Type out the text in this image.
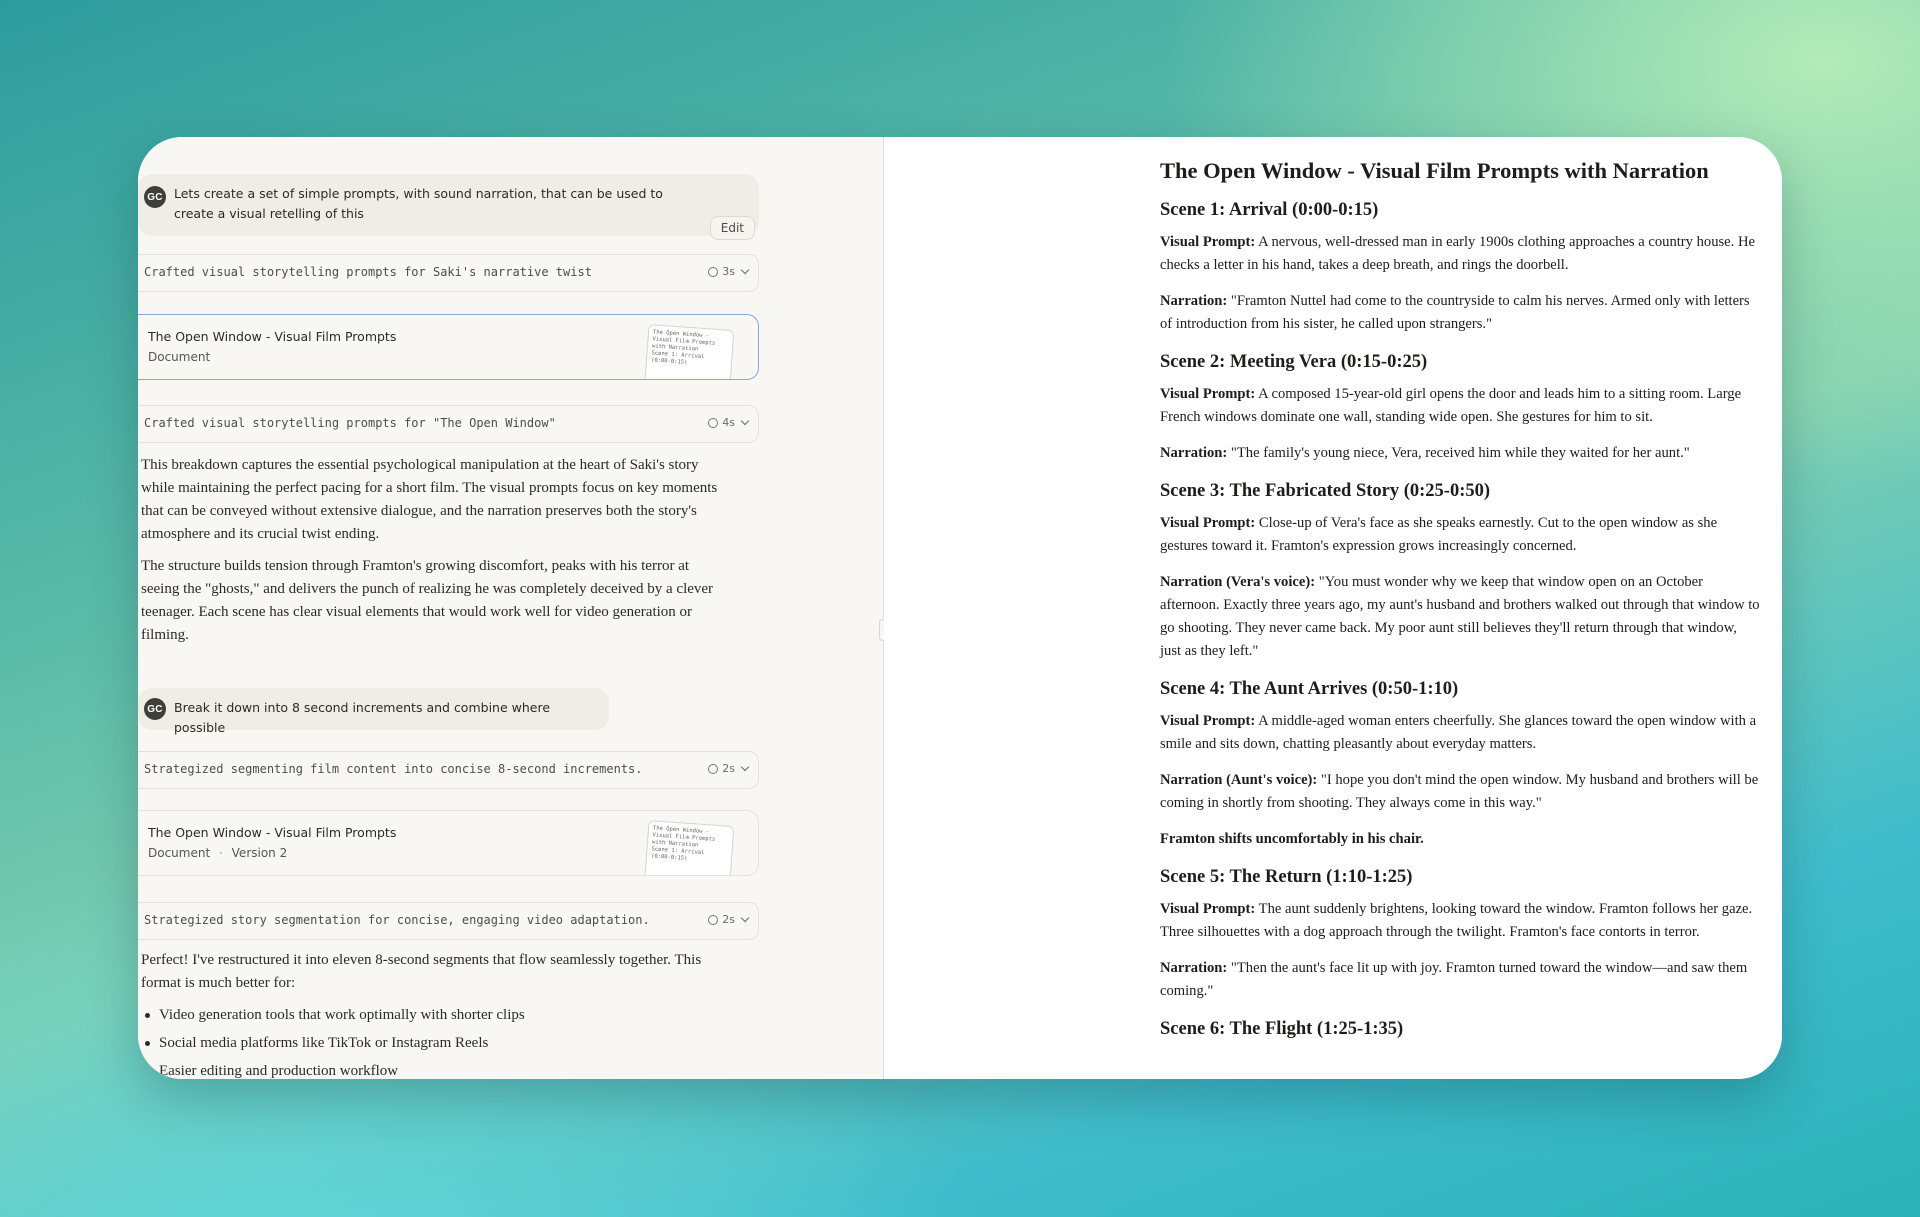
GC Lets create a set of simple prompts, with sound narration, that can be used to create a visual retelling of this
Edit
Crafted visual storytelling prompts for Saki's narrative twist	3s
The Open Window - Visual Film Prompts
Document
The Open Window - Visual Film Prompts with Narration
Scene 1: Arrival (0:00-0:15)
Crafted visual storytelling prompts for "The Open Window"	4s

This breakdown captures the essential psychological manipulation at the heart of Saki's story while maintaining the perfect pacing for a short film. The visual prompts focus on key moments that can be conveyed without extensive dialogue, and the narration preserves both the story's atmosphere and its crucial twist ending.

The structure builds tension through Framton's growing discomfort, peaks with his terror at seeing the "ghosts," and delivers the punch of realizing he was completely deceived by a clever teenager. Each scene has clear visual elements that would work well for video generation or filming.

GC Break it down into 8 second increments and combine where possible
Strategized segmenting film content into concise 8-second increments.	2s
The Open Window - Visual Film Prompts
Document · Version 2
The Open Window - Visual Film Prompts with Narration
Scene 1: Arrival (0:00-0:15)
Strategized story segmentation for concise, engaging video adaptation.	2s

Perfect! I've restructured it into eleven 8-second segments that flow seamlessly together. This format is much better for:

Video generation tools that work optimally with shorter clips
Social media platforms like TikTok or Instagram Reels
Easier editing and production workflow
The Open Window - Visual Film Prompts with Narration
Scene 1: Arrival (0:00-0:15)

Visual Prompt: A nervous, well-dressed man in early 1900s clothing approaches a country house. He checks a letter in his hand, takes a deep breath, and rings the doorbell.

Narration: "Framton Nuttel had come to the countryside to calm his nerves. Armed only with letters of introduction from his sister, he called upon strangers."

Scene 2: Meeting Vera (0:15-0:25)

Visual Prompt: A composed 15-year-old girl opens the door and leads him to a sitting room. Large French windows dominate one wall, standing wide open. She gestures for him to sit.

Narration: "The family's young niece, Vera, received him while they waited for her aunt."

Scene 3: The Fabricated Story (0:25-0:50)

Visual Prompt: Close-up of Vera's face as she speaks earnestly. Cut to the open window as she gestures toward it. Framton's expression grows increasingly concerned.

Narration (Vera's voice): "You must wonder why we keep that window open on an October afternoon. Exactly three years ago, my aunt's husband and brothers walked out through that window to go shooting. They never came back. My poor aunt still believes they'll return through that window, just as they left."

Scene 4: The Aunt Arrives (0:50-1:10)

Visual Prompt: A middle-aged woman enters cheerfully. She glances toward the open window with a smile and sits down, chatting pleasantly about everyday matters.

Narration (Aunt's voice): "I hope you don't mind the open window. My husband and brothers will be coming in shortly from shooting. They always come in this way."

Framton shifts uncomfortably in his chair.

Scene 5: The Return (1:10-1:25)

Visual Prompt: The aunt suddenly brightens, looking toward the window. Framton follows her gaze. Three silhouettes with a dog approach through the twilight. Framton's face contorts in terror.

Narration: "Then the aunt's face lit up with joy. Framton turned toward the window—and saw them coming."

Scene 6: The Flight (1:25-1:35)
